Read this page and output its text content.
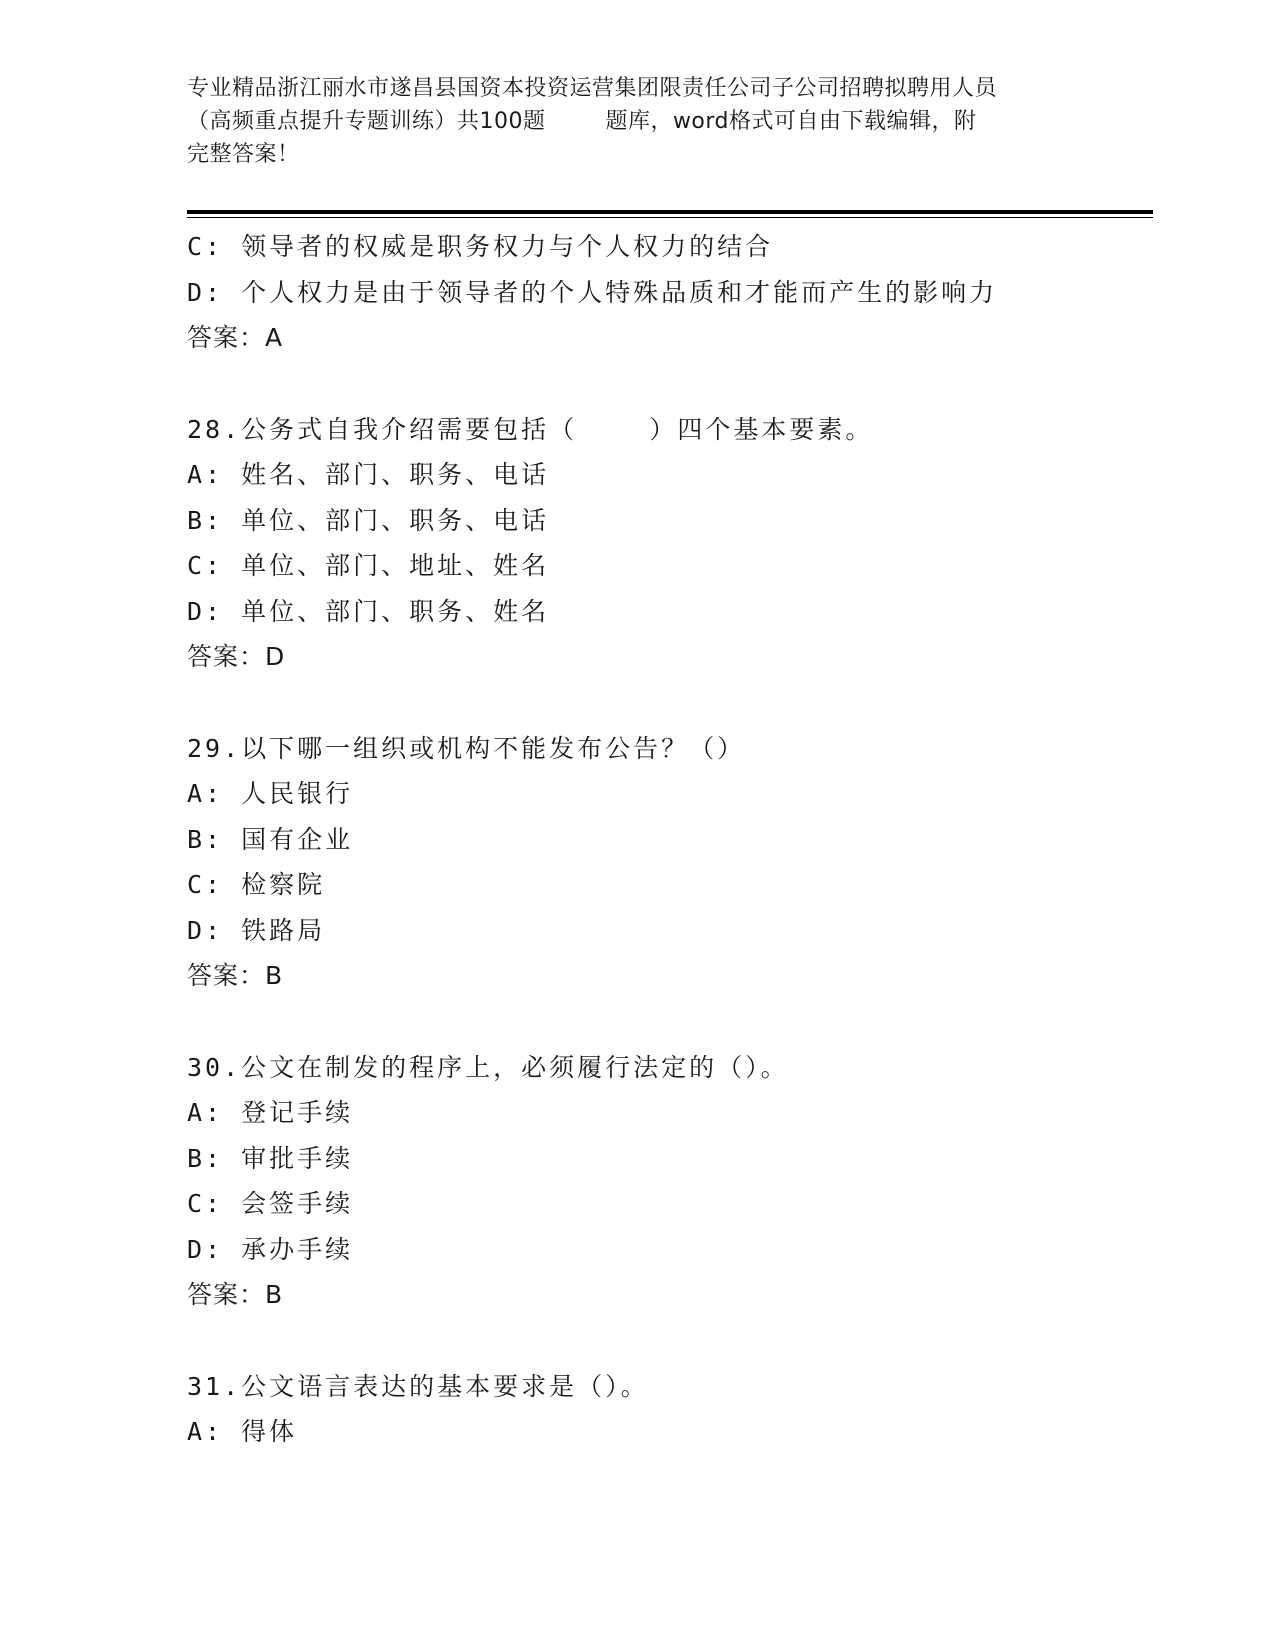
专业精品浙江丽水市遂昌县国资本投资运营集团限责任公司子公司招聘拟聘用人员
（高频重点提升专题训练）共100题        题库，word格式可自由下载编辑，附
完整答案！
C: 领导者的权威是职务权力与个人权力的结合
D: 个人权力是由于领导者的个人特殊品质和才能而产生的影响力
答案：A
28.公务式自我介绍需要包括（    ）四个基本要素。
A: 姓名、部门、职务、电话
B: 单位、部门、职务、电话
C: 单位、部门、地址、姓名
D: 单位、部门、职务、姓名
答案：D
29.以下哪一组织或机构不能发布公告？（）
A: 人民银行
B: 国有企业
C: 检察院
D: 铁路局
答案：B
30.公文在制发的程序上，必须履行法定的（）。
A: 登记手续
B: 审批手续
C: 会签手续
D: 承办手续
答案：B
31.公文语言表达的基本要求是（）。
A: 得体
